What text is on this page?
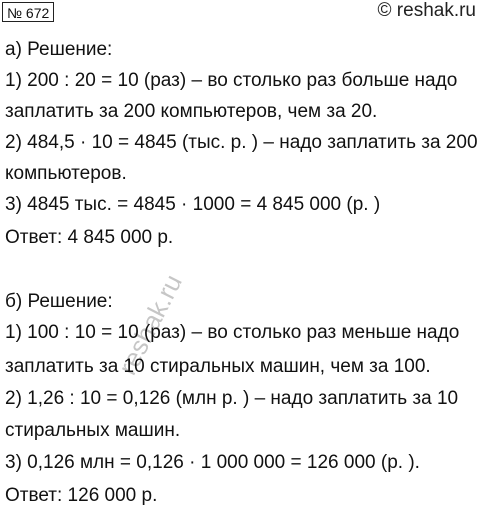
№ 672	© reshak.ru
а) Решение:
1) 200 : 20 = 10 (раз) – во столько раз больше надо
заплатить за 200 компьютеров, чем за 20.
2) 484,5 · 10 = 4845 (тыс. р. ) – надо заплатить за 200
компьютеров.
3) 4845 тыс. = 4845 · 1000 = 4 845 000 (р. )
Ответ: 4 845 000 р.
б) Решение:
1) 100 : 10 = 10 (раз) – во столько раз меньше надо
заплатить за 10 стиральных машин, чем за 100.
2) 1,26 : 10 = 0,126 (млн р. ) – надо заплатить за 10
стиральных машин.
3) 0,126 млн = 0,126 · 1 000 000 = 126 000 (р. ).
Ответ: 126 000 р.
reshak.ru
